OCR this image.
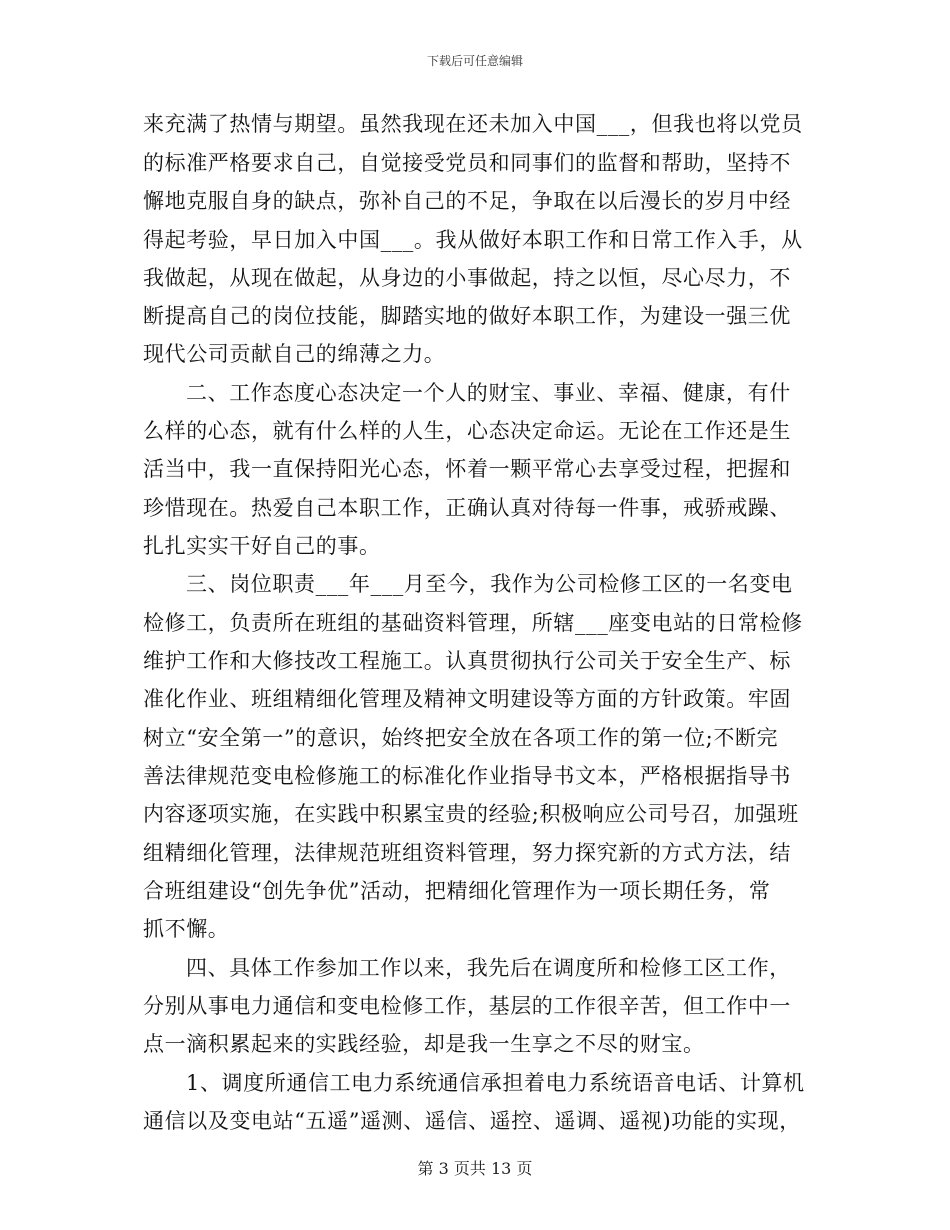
下载后可任意编辑
来充满了热情与期望。虽然我现在还未加入中国___，但我也将以党员
的标准严格要求自己，自觉接受党员和同事们的监督和帮助，坚持不
懈地克服自身的缺点，弥补自己的不足，争取在以后漫长的岁月中经
得起考验，早日加入中国___。我从做好本职工作和日常工作入手，从
我做起，从现在做起，从身边的小事做起，持之以恒，尽心尽力，不
断提高自己的岗位技能，脚踏实地的做好本职工作，为建设一强三优
现代公司贡献自己的绵薄之力。
二、工作态度心态决定一个人的财宝、事业、幸福、健康，有什
么样的心态，就有什么样的人生，心态决定命运。无论在工作还是生
活当中，我一直保持阳光心态，怀着一颗平常心去享受过程，把握和
珍惜现在。热爱自己本职工作，正确认真对待每一件事，戒骄戒躁、
扎扎实实干好自己的事。
三、岗位职责___年___月至今，我作为公司检修工区的一名变电
检修工，负责所在班组的基础资料管理，所辖___座变电站的日常检修
维护工作和大修技改工程施工。认真贯彻执行公司关于安全生产、标
准化作业、班组精细化管理及精神文明建设等方面的方针政策。牢固
树立“安全第一”的意识，始终把安全放在各项工作的第一位;不断完
善法律规范变电检修施工的标准化作业指导书文本，严格根据指导书
内容逐项实施，在实践中积累宝贵的经验;积极响应公司号召，加强班
组精细化管理，法律规范班组资料管理，努力探究新的方式方法，结
合班组建设“创先争优”活动，把精细化管理作为一项长期任务，常
抓不懈。
四、具体工作参加工作以来，我先后在调度所和检修工区工作，
分别从事电力通信和变电检修工作，基层的工作很辛苦，但工作中一
点一滴积累起来的实践经验，却是我一生享之不尽的财宝。
1、调度所通信工电力系统通信承担着电力系统语音电话、计算机
通信以及变电站“五遥”遥测、遥信、遥控、遥调、遥视)功能的实现，
第 3 页共 13 页
